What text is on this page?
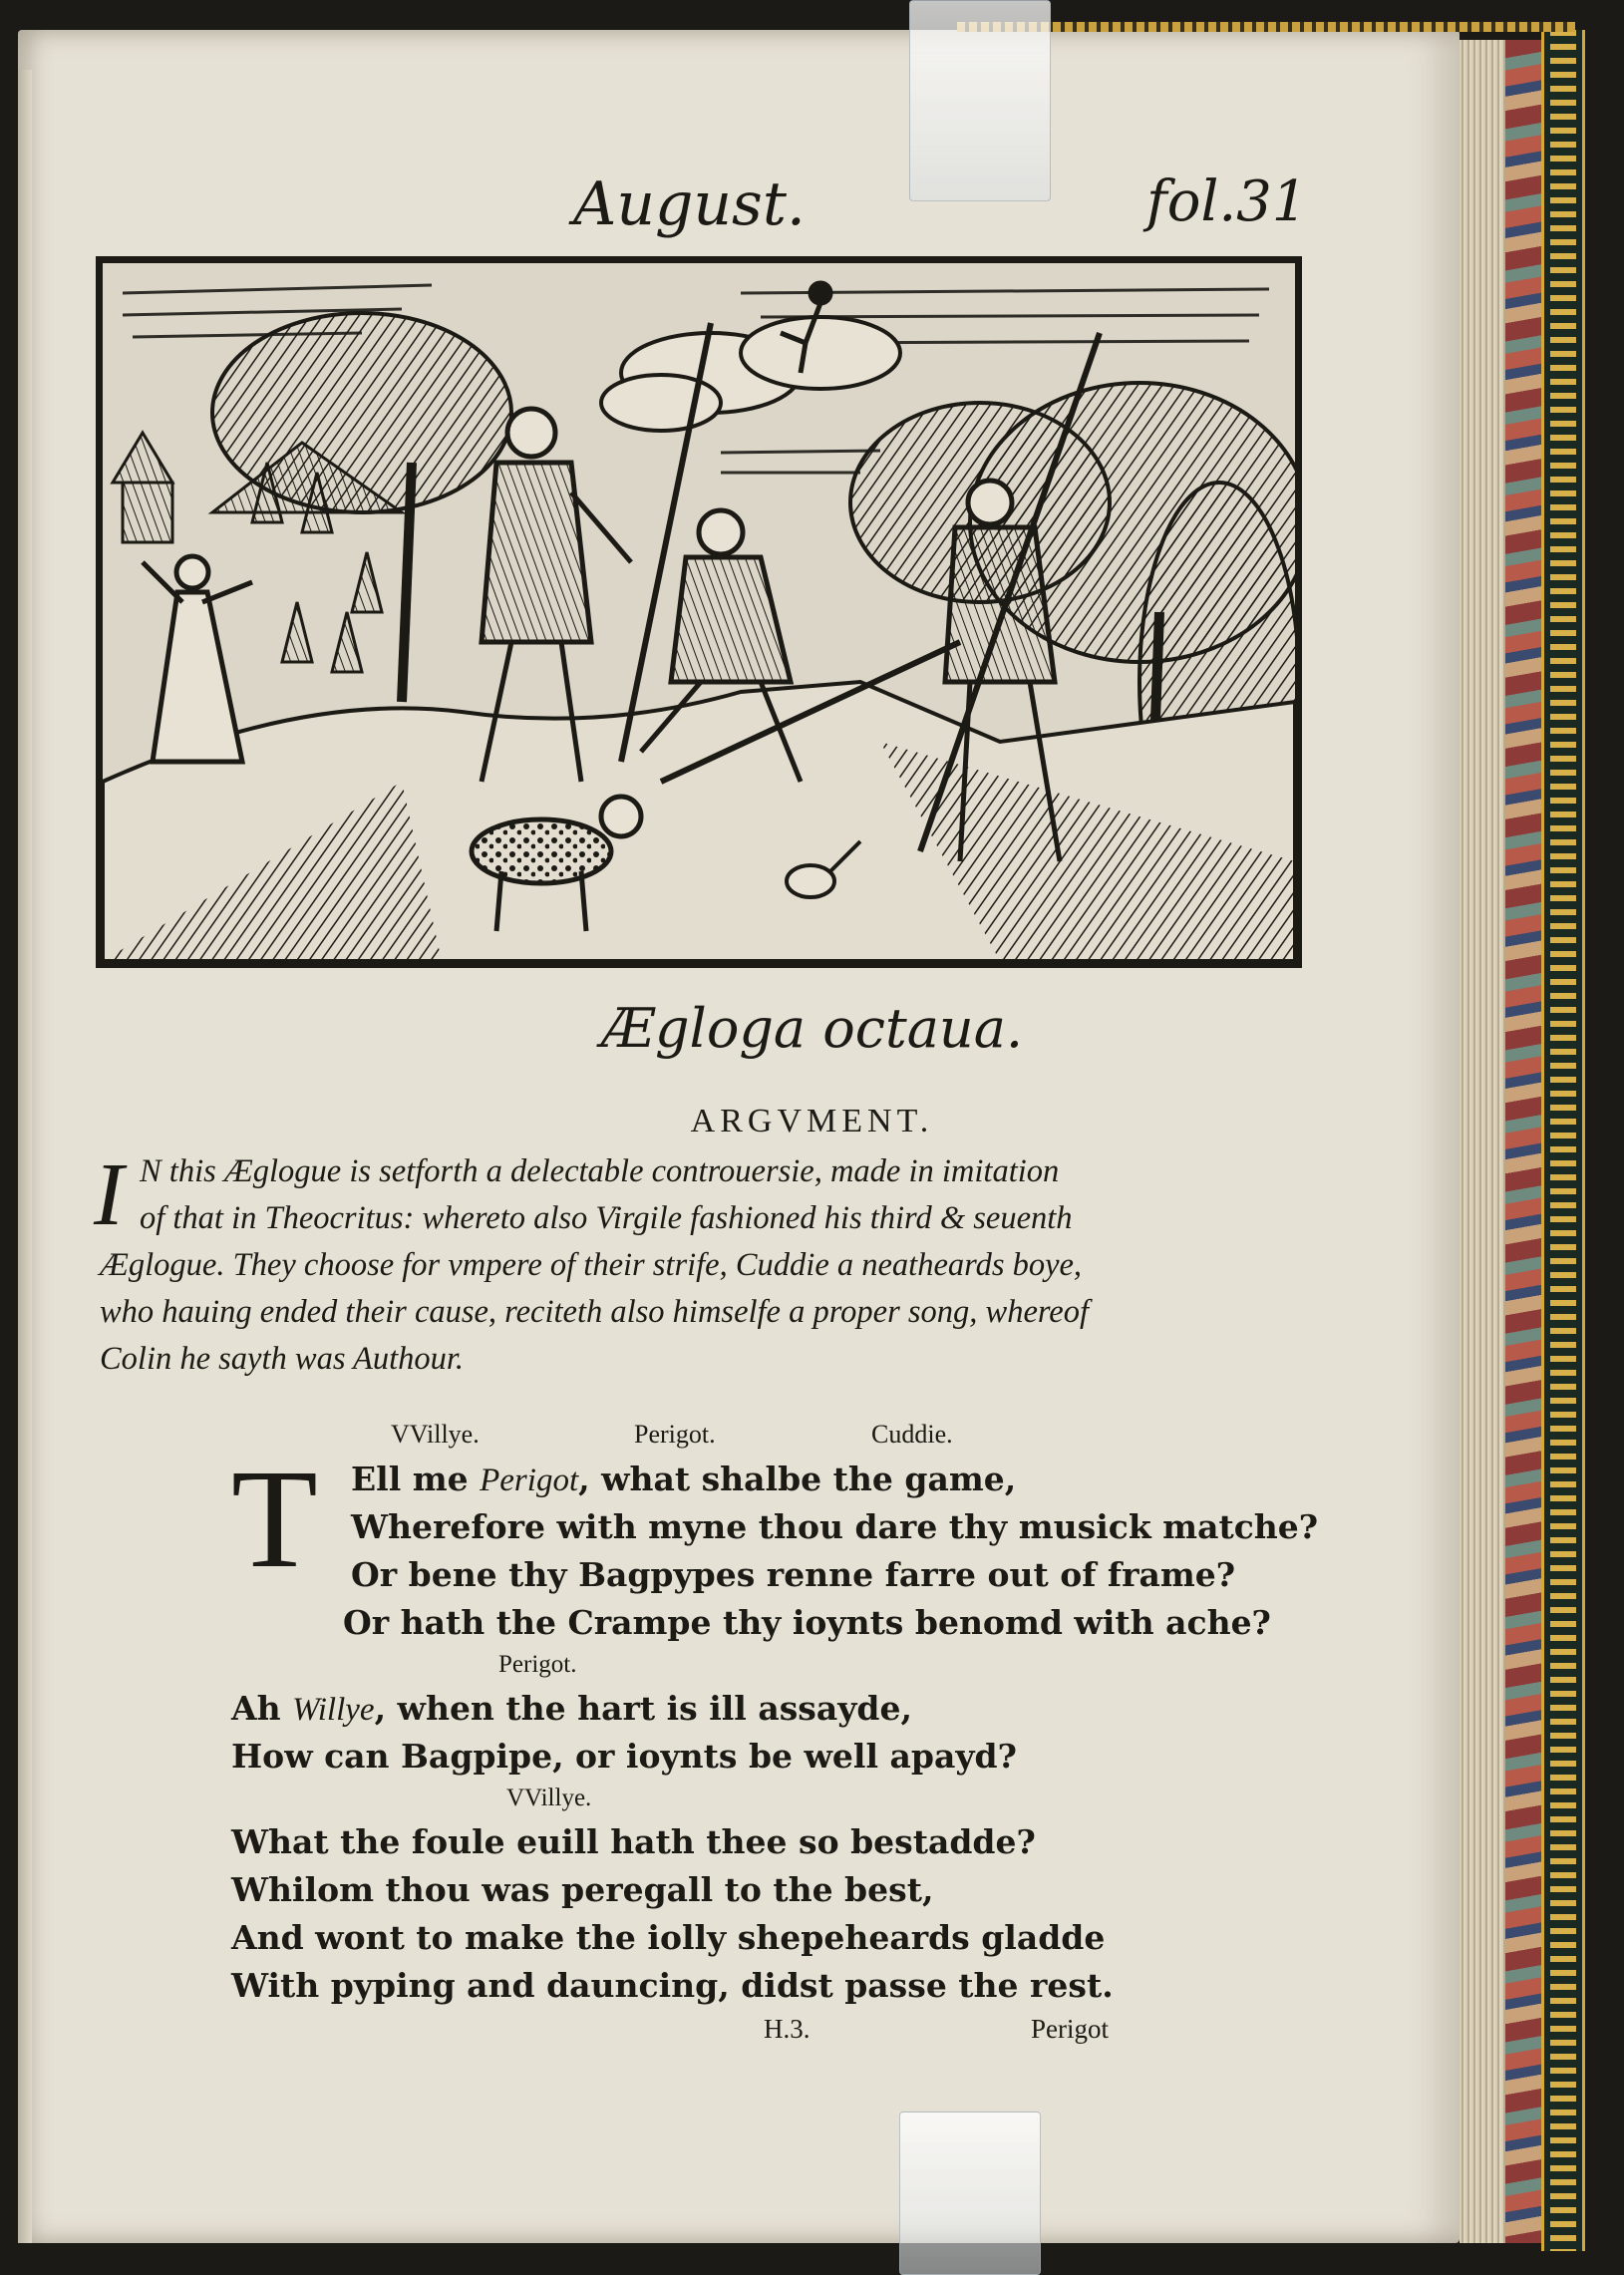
August.	fol.31
Ægloga octaua.
ARGVMENT.
I N this Æglogue is setforth a delectable controuersie, made in imitation
of that in Theocritus: whereto also Virgile fashioned his third & seuenth
Æglogue. They choose for vmpere of their strife, Cuddie a neatheards boye,
who hauing ended their cause, reciteth also himselfe a proper song, whereof
Colin he sayth was Authour.
VVillye.	Perigot.	Cuddie.
T Ell me Perigot, what shalbe the game,
Wherefore with myne thou dare thy musick matche?
Or bene thy Bagpypes renne farre out of frame?
Or hath the Crampe thy ioynts benomd with ache?
Perigot.
Ah Willye, when the hart is ill assayde,
How can Bagpipe, or ioynts be well apayd?
VVillye.
What the foule euill hath thee so bestadde?
Whilom thou was peregall to the best,
And wont to make the iolly shepeheards gladde
With pyping and dauncing, didst passe the rest.
H.3.	Perigot
